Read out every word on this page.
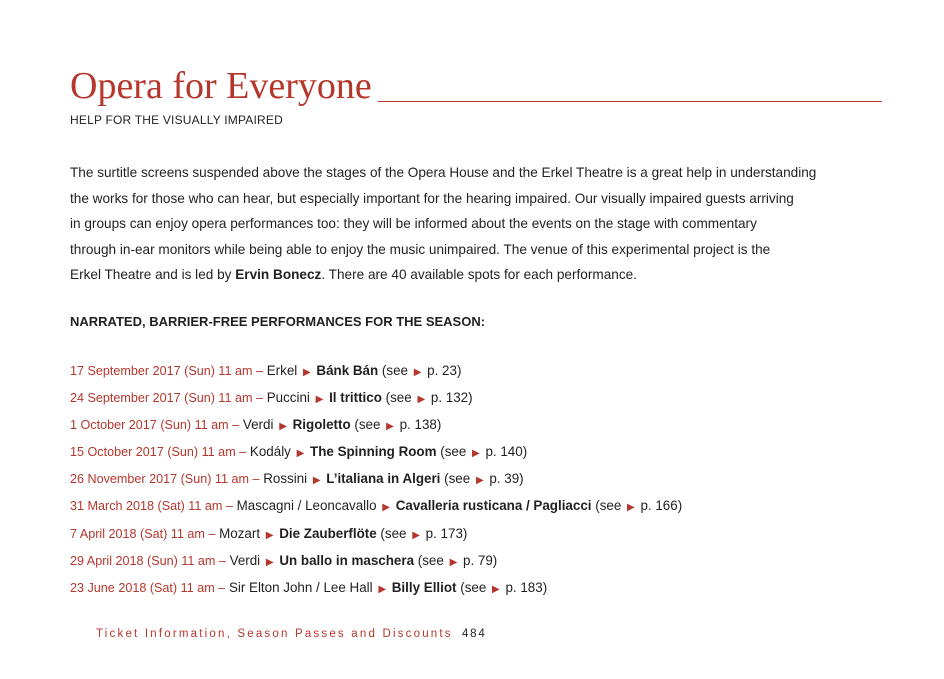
Opera for Everyone
HELP FOR THE VISUALLY IMPAIRED
The surtitle screens suspended above the stages of the Opera House and the Erkel Theatre is a great help in understanding
the works for those who can hear, but especially important for the hearing impaired. Our visually impaired guests arriving
in groups can enjoy opera performances too: they will be informed about the events on the stage with commentary
through in-ear monitors while being able to enjoy the music unimpaired. The venue of this experimental project is the
Erkel Theatre and is led by Ervin Bonecz. There are 40 available spots for each performance.
NARRATED, BARRIER-FREE PERFORMANCES FOR THE SEASON:
17 September 2017 (Sun) 11 am – Erkel ▶ Bánk Bán (see ▶ p. 23)
24 September 2017 (Sun) 11 am – Puccini ▶ Il trittico (see ▶ p. 132)
1 October 2017 (Sun) 11 am – Verdi ▶ Rigoletto (see ▶ p. 138)
15 October 2017 (Sun) 11 am – Kodály ▶ The Spinning Room (see ▶ p. 140)
26 November 2017 (Sun) 11 am – Rossini ▶ L’italiana in Algeri (see ▶ p. 39)
31 March 2018 (Sat) 11 am – Mascagni / Leoncavallo ▶ Cavalleria rusticana / Pagliacci (see ▶ p. 166)
7 April 2018 (Sat) 11 am – Mozart ▶ Die Zauberflöte (see ▶ p. 173)
29 April 2018 (Sun) 11 am – Verdi ▶ Un ballo in maschera (see ▶ p. 79)
23 June 2018 (Sat) 11 am – Sir Elton John / Lee Hall ▶ Billy Elliot (see ▶ p. 183)
Ticket Information, Season Passes and Discounts 484
